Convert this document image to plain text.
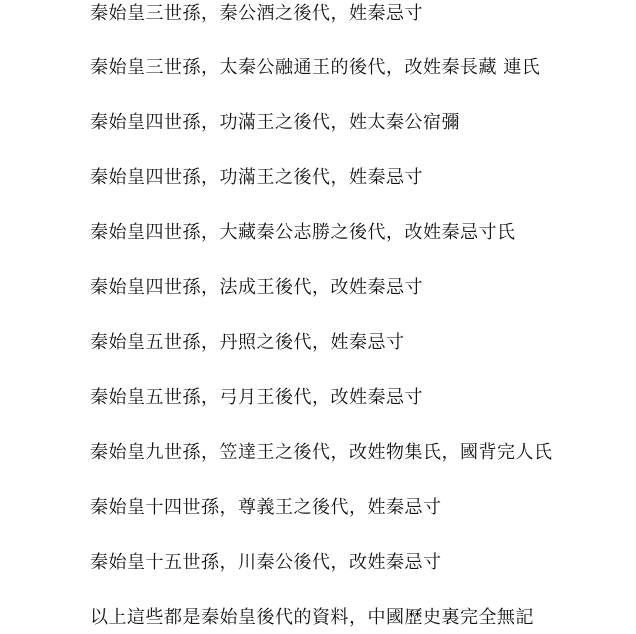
秦始皇三世孫，秦公酒之後代，姓秦忌寸
秦始皇三世孫，太秦公融通王的後代，改姓秦長藏 連氏
秦始皇四世孫，功滿王之後代，姓太秦公宿彌
秦始皇四世孫，功滿王之後代，姓秦忌寸
秦始皇四世孫，大藏秦公志勝之後代，改姓秦忌寸氏
秦始皇四世孫，法成王後代，改姓秦忌寸
秦始皇五世孫，丹照之後代，姓秦忌寸
秦始皇五世孫，弓月王後代，改姓秦忌寸
秦始皇九世孫，笠達王之後代，改姓物集氏，國背完人氏
秦始皇十四世孫，尊義王之後代，姓秦忌寸
秦始皇十五世孫，川秦公後代，改姓秦忌寸
以上這些都是秦始皇後代的資料，中國歷史裏完全無記
